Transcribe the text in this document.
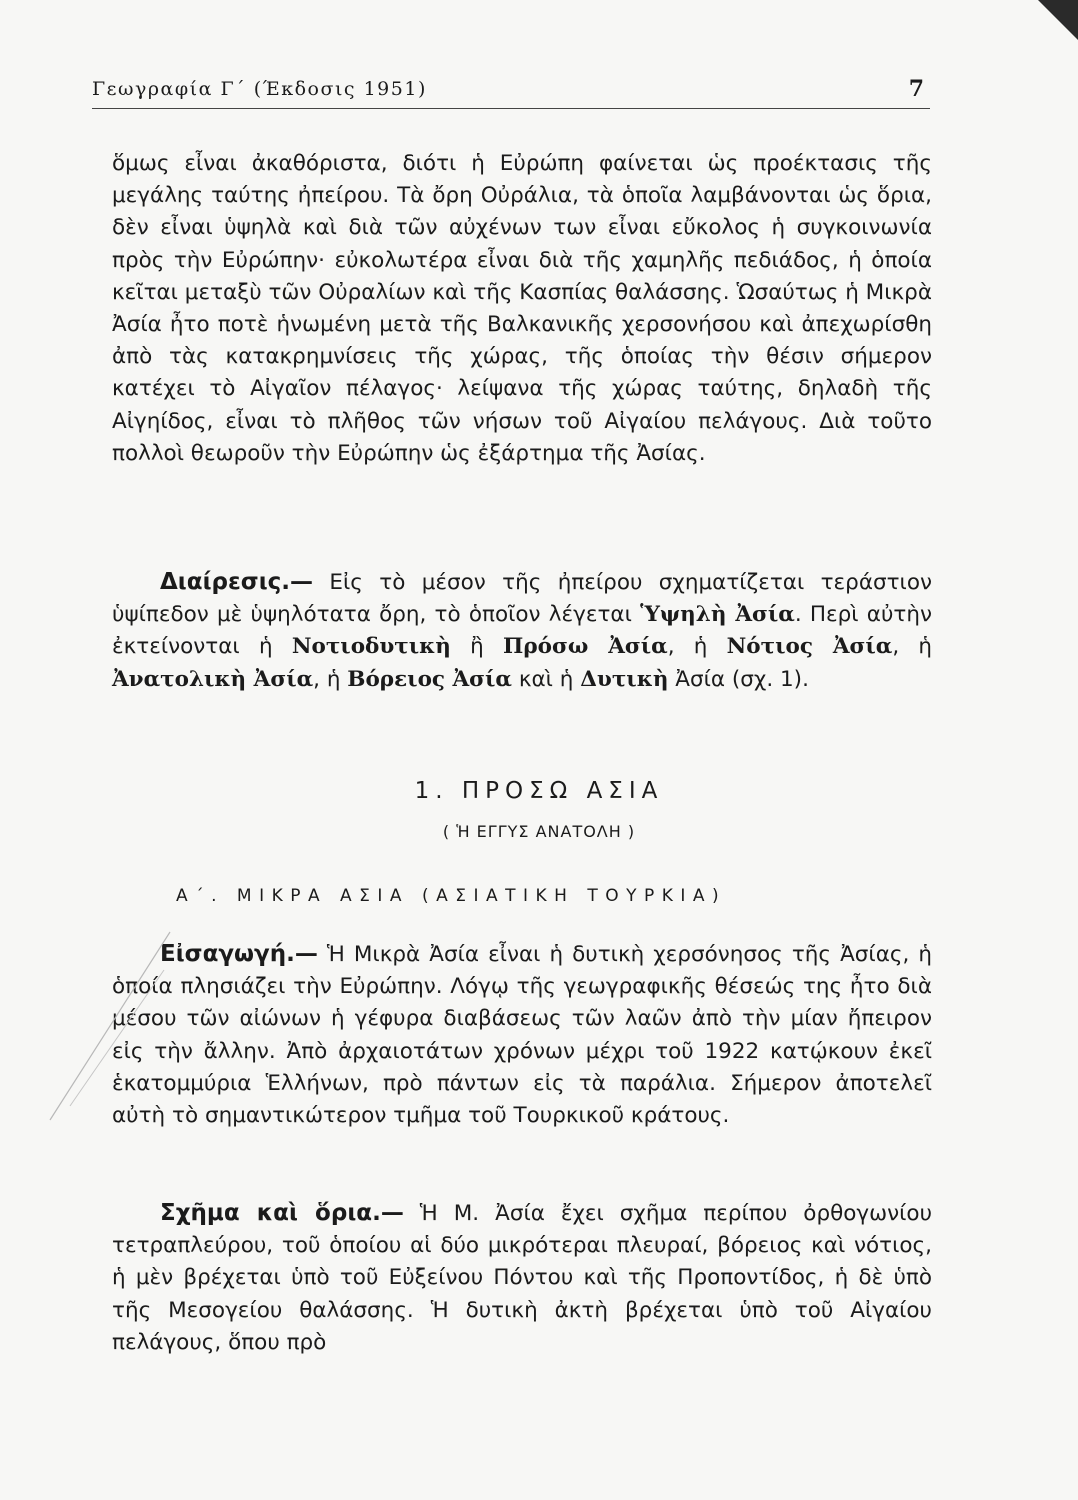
Γεωγραφία Γ΄ (Έκδοσις 1951)	7
ὅμως εἶναι ἀκαθόριστα, διότι ἡ Εὐρώπη φαίνεται ὡς προέκτασις τῆς μεγάλης ταύτης ἠπείρου. Τὰ ὄρη Οὐράλια, τὰ ὁποῖα λαμβάνονται ὡς ὅρια, δὲν εἶναι ὑψηλὰ καὶ διὰ τῶν αὐχένων των εἶναι εὔκολος ἡ συγκοινωνία πρὸς τὴν Εὐρώπην· εὐκολωτέρα εἶναι διὰ τῆς χαμηλῆς πεδιάδος, ἡ ὁποία κεῖται μεταξὺ τῶν Οὐραλίων καὶ τῆς Κασπίας θαλάσσης. Ὡσαύτως ἡ Μικρὰ Ἀσία ἦτο ποτὲ ἡνωμένη μετὰ τῆς Βαλκανικῆς χερσονήσου καὶ ἀπεχωρίσθη ἀπὸ τὰς κατακρημνίσεις τῆς χώρας, τῆς ὁποίας τὴν θέσιν σήμερον κατέχει τὸ Αἰγαῖον πέλαγος· λείψανα τῆς χώρας ταύτης, δηλαδὴ τῆς Αἰγηίδος, εἶναι τὸ πλῆθος τῶν νήσων τοῦ Αἰγαίου πελάγους. Διὰ τοῦτο πολλοὶ θεωροῦν τὴν Εὐρώπην ὡς ἐξάρτημα τῆς Ἀσίας.
Διαίρεσις.— Εἰς τὸ μέσον τῆς ἠπείρου σχηματίζεται τεράστιον ὑψίπεδον μὲ ὑψηλότατα ὄρη, τὸ ὁποῖον λέγεται Ὑψηλὴ Ἀσία. Περὶ αὐτὴν ἐκτείνονται ἡ Νοτιοδυτικὴ ἢ Πρόσω Ἀσία, ἡ Νότιος Ἀσία, ἡ Ἀνατολικὴ Ἀσία, ἡ Βόρειος Ἀσία καὶ ἡ Δυτικὴ Ἀσία (σχ. 1).
1. ΠΡΟΣΩ ΑΣΙΑ
( Ἡ ΕΓΓΥΣ ΑΝΑΤΟΛΗ )
Α΄. ΜΙΚΡΑ ΑΣΙΑ (ΑΣΙΑΤΙΚΗ ΤΟΥΡΚΙΑ)
Εἰσαγωγή.— Ἡ Μικρὰ Ἀσία εἶναι ἡ δυτικὴ χερσόνησος τῆς Ἀσίας, ἡ ὁποία πλησιάζει τὴν Εὐρώπην. Λόγῳ τῆς γεωγραφικῆς θέσεώς της ἦτο διὰ μέσου τῶν αἰώνων ἡ γέφυρα διαβάσεως τῶν λαῶν ἀπὸ τὴν μίαν ἤπειρον εἰς τὴν ἄλλην. Ἀπὸ ἀρχαιοτάτων χρόνων μέχρι τοῦ 1922 κατῴκουν ἐκεῖ ἑκατομμύρια Ἑλλήνων, πρὸ πάντων εἰς τὰ παράλια. Σήμερον ἀποτελεῖ αὐτὴ τὸ σημαντικώτερον τμῆμα τοῦ Τουρκικοῦ κράτους.
Σχῆμα καὶ ὅρια.— Ἡ Μ. Ἀσία ἔχει σχῆμα περίπου ὀρθογωνίου τετραπλεύρου, τοῦ ὁποίου αἱ δύο μικρότεραι πλευραί, βόρειος καὶ νότιος, ἡ μὲν βρέχεται ὑπὸ τοῦ Εὐξείνου Πόντου καὶ τῆς Προποντίδος, ἡ δὲ ὑπὸ τῆς Μεσογείου θαλάσσης. Ἡ δυτικὴ ἀκτὴ βρέχεται ὑπὸ τοῦ Αἰγαίου πελάγους, ὅπου πρὸ
